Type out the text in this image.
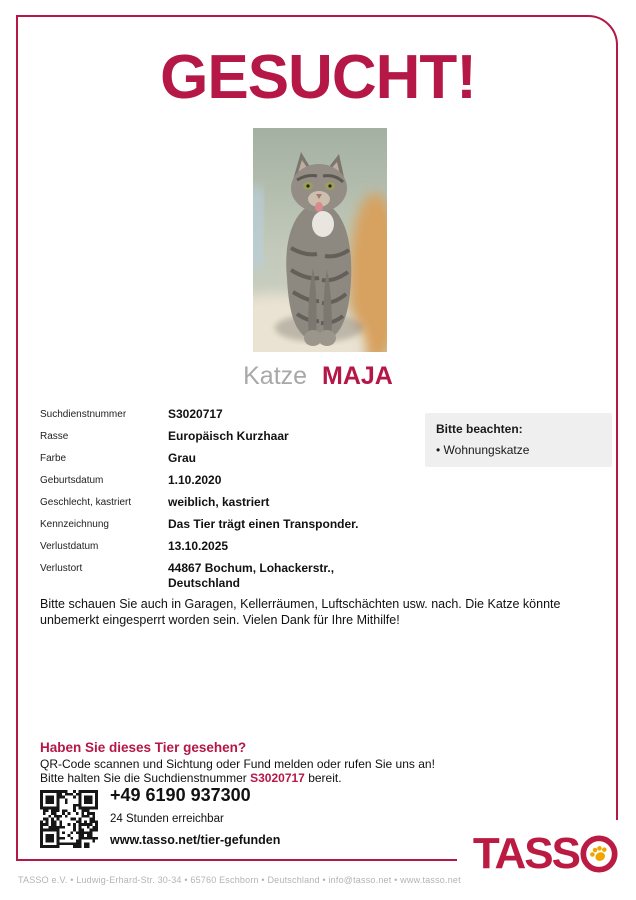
GESUCHT!
Katze MAJA
Suchdienstnummer	S3020717
Rasse	Europäisch Kurzhaar
Farbe	Grau
Geburtsdatum	1.10.2020
Geschlecht, kastriert	weiblich, kastriert
Kennzeichnung	Das Tier trägt einen Transponder.
Verlustdatum	13.10.2025
Verlustort	44867 Bochum, Lohackerstr., Deutschland
Bitte beachten:
• Wohnungskatze
Bitte schauen Sie auch in Garagen, Kellerräumen, Luftschächten usw. nach. Die Katze könnte unbemerkt eingesperrt worden sein. Vielen Dank für Ihre Mithilfe!
Haben Sie dieses Tier gesehen?
QR-Code scannen und Sichtung oder Fund melden oder rufen Sie uns an!
Bitte halten Sie die Suchdienstnummer S3020717 bereit.
+49 6190 937300
24 Stunden erreichbar
www.tasso.net/tier-gefunden	TASS
TASSO e.V. • Ludwig-Erhard-Str. 30-34 • 65760 Eschborn • Deutschland • info@tasso.net • www.tasso.net
